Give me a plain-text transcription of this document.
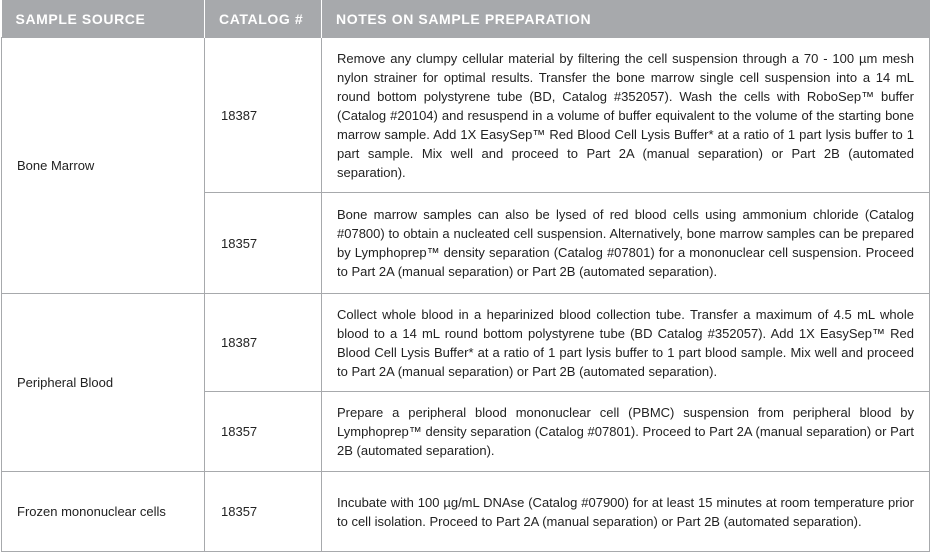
SAMPLE SOURCE	CATALOG #	NOTES ON SAMPLE PREPARATION
Bone Marrow	18387	Remove any clumpy cellular material by filtering the cell suspension through a 70 - 100 µm mesh nylon strainer for optimal results. Transfer the bone marrow single cell suspension into a 14 mL round bottom polystyrene tube (BD, Catalog #352057). Wash the cells with RoboSep™ buffer (Catalog #20104) and resuspend in a volume of buffer equivalent to the volume of the starting bone marrow sample. Add 1X EasySep™ Red Blood Cell Lysis Buffer* at a ratio of 1 part lysis buffer to 1 part sample. Mix well and proceed to Part 2A (manual separation) or Part 2B (automated separation).
	18357	Bone marrow samples can also be lysed of red blood cells using ammonium chloride (Catalog #07800) to obtain a nucleated cell suspension. Alternatively, bone marrow samples can be prepared by Lymphoprep™ density separation (Catalog #07801) for a mononuclear cell suspension. Proceed to Part 2A (manual separation) or Part 2B (automated separation).
Peripheral Blood	18387	Collect whole blood in a heparinized blood collection tube. Transfer a maximum of 4.5 mL whole blood to a 14 mL round bottom polystyrene tube (BD Catalog #352057). Add 1X EasySep™ Red Blood Cell Lysis Buffer* at a ratio of 1 part lysis buffer to 1 part blood sample. Mix well and proceed to Part 2A (manual separation) or Part 2B (automated separation).
	18357	Prepare a peripheral blood mononuclear cell (PBMC) suspension from peripheral blood by Lymphoprep™ density separation (Catalog #07801). Proceed to Part 2A (manual separation) or Part 2B (automated separation).
Frozen mononuclear cells	18357	Incubate with 100 µg/mL DNAse (Catalog #07900) for at least 15 minutes at room temperature prior to cell isolation. Proceed to Part 2A (manual separation) or Part 2B (automated separation).
